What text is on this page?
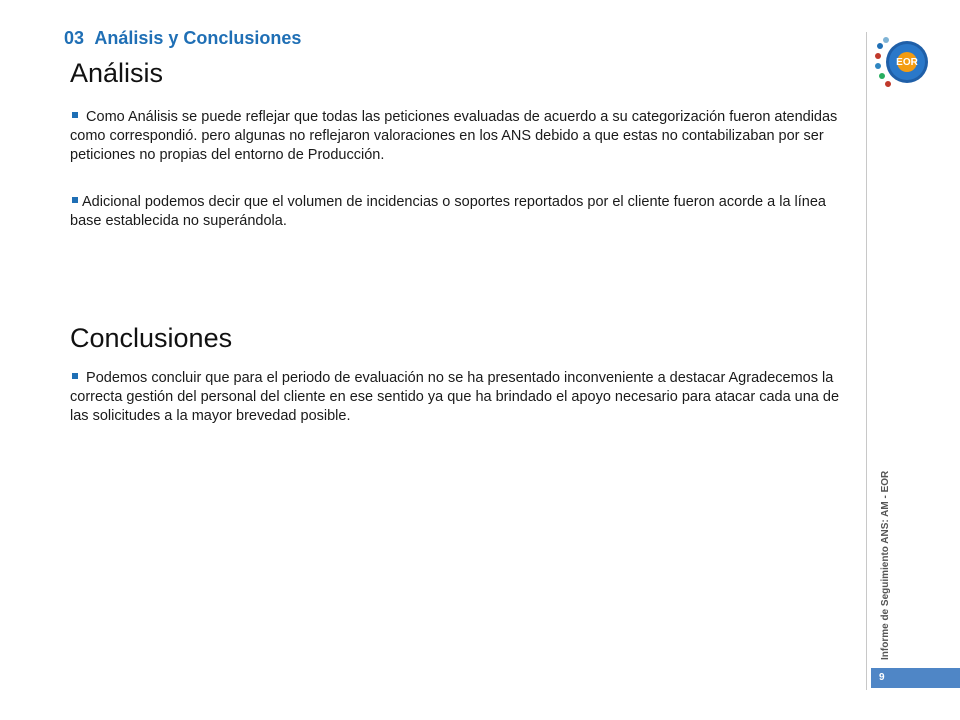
03 Análisis y Conclusiones
Análisis
Como Análisis se puede reflejar que todas las peticiones evaluadas de acuerdo a su categorización fueron atendidas como correspondió. pero algunas no reflejaron valoraciones en los ANS debido a que estas no contabilizaban por ser peticiones no propias del entorno de Producción.
Adicional podemos decir que el volumen de incidencias o soportes reportados por el cliente fueron acorde a la línea base establecida no superándola.
Conclusiones
Podemos concluir que para el periodo de evaluación no se ha presentado inconveniente a destacar Agradecemos la correcta gestión del personal del cliente en ese sentido ya que ha brindado el apoyo necesario para atacar cada una de las solicitudes a la mayor brevedad posible.
EOR
Informe de Seguimiento ANS: AM - EOR
9
